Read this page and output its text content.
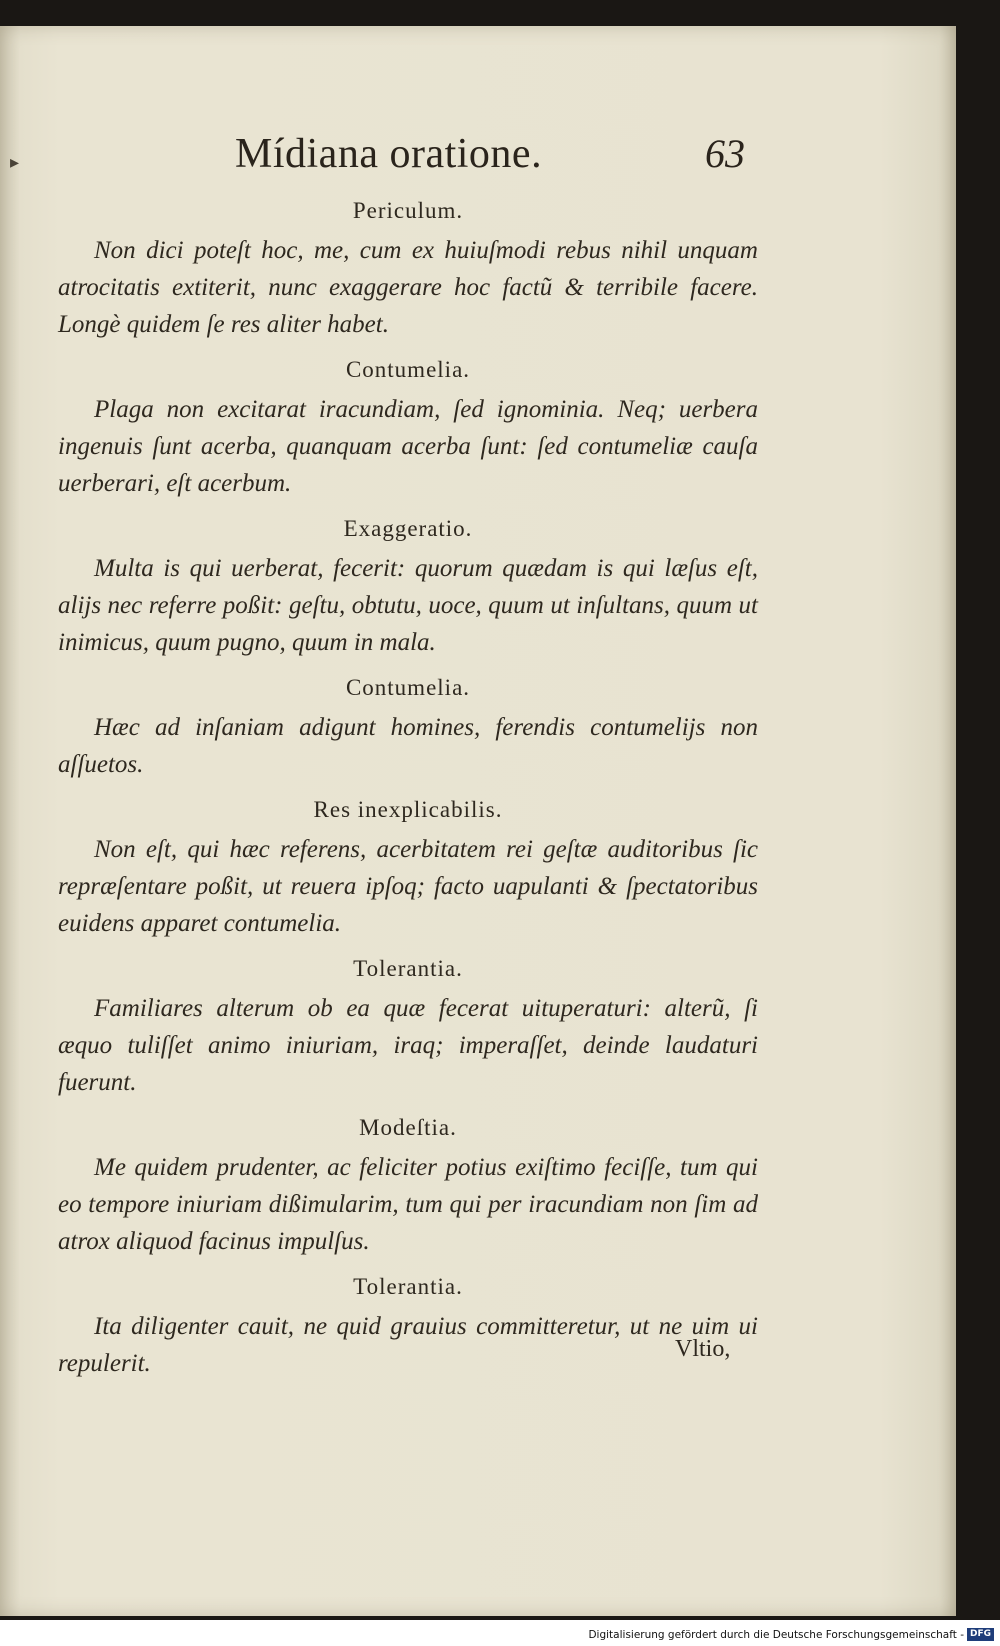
▸	Mídiana oratione.	63
Periculum.

Non dici poteſt hoc, me, cum ex huiuſmodi rebus nihil unquam atrocitatis extiterit, nunc exaggerare hoc factũ & terribile facere. Longè quidem ſe res aliter habet.

Contumelia.

Plaga non excitarat iracundiam, ſed ignominia. Neq; uerbera ingenuis ſunt acerba, quanquam acerba ſunt: ſed contumeliæ cauſa uerberari, eſt acerbum.

Exaggeratio.

Multa is qui uerberat, fecerit: quorum quædam is qui læſus eſt, alijs nec referre poßit: geſtu, obtutu, uoce, quum ut inſultans, quum ut inimicus, quum pugno, quum in mala.

Contumelia.

Hæc ad inſaniam adigunt homines, ferendis contumelijs non aſſuetos.

Res inexplicabilis.

Non eſt, qui hæc referens, acerbitatem rei geſtæ auditoribus ſic repræſentare poßit, ut reuera ipſoq; facto uapulanti & ſpectatoribus euidens apparet contumelia.

Tolerantia.

Familiares alterum ob ea quæ fecerat uituperaturi: alterũ, ſi æquo tuliſſet animo iniuriam, iraq; imperaſſet, deinde laudaturi fuerunt.

Modeſtia.

Me quidem prudenter, ac feliciter potius exiſtimo feciſſe, tum qui eo tempore iniuriam dißimularim, tum qui per iracundiam non ſim ad atrox aliquod facinus impulſus.

Tolerantia.

Ita diligenter cauit, ne quid grauius committeretur, ut ne uim ui repulerit.

Vltio,
Digitalisierung gefördert durch die Deutsche Forschungsgemeinschaft - DFG
